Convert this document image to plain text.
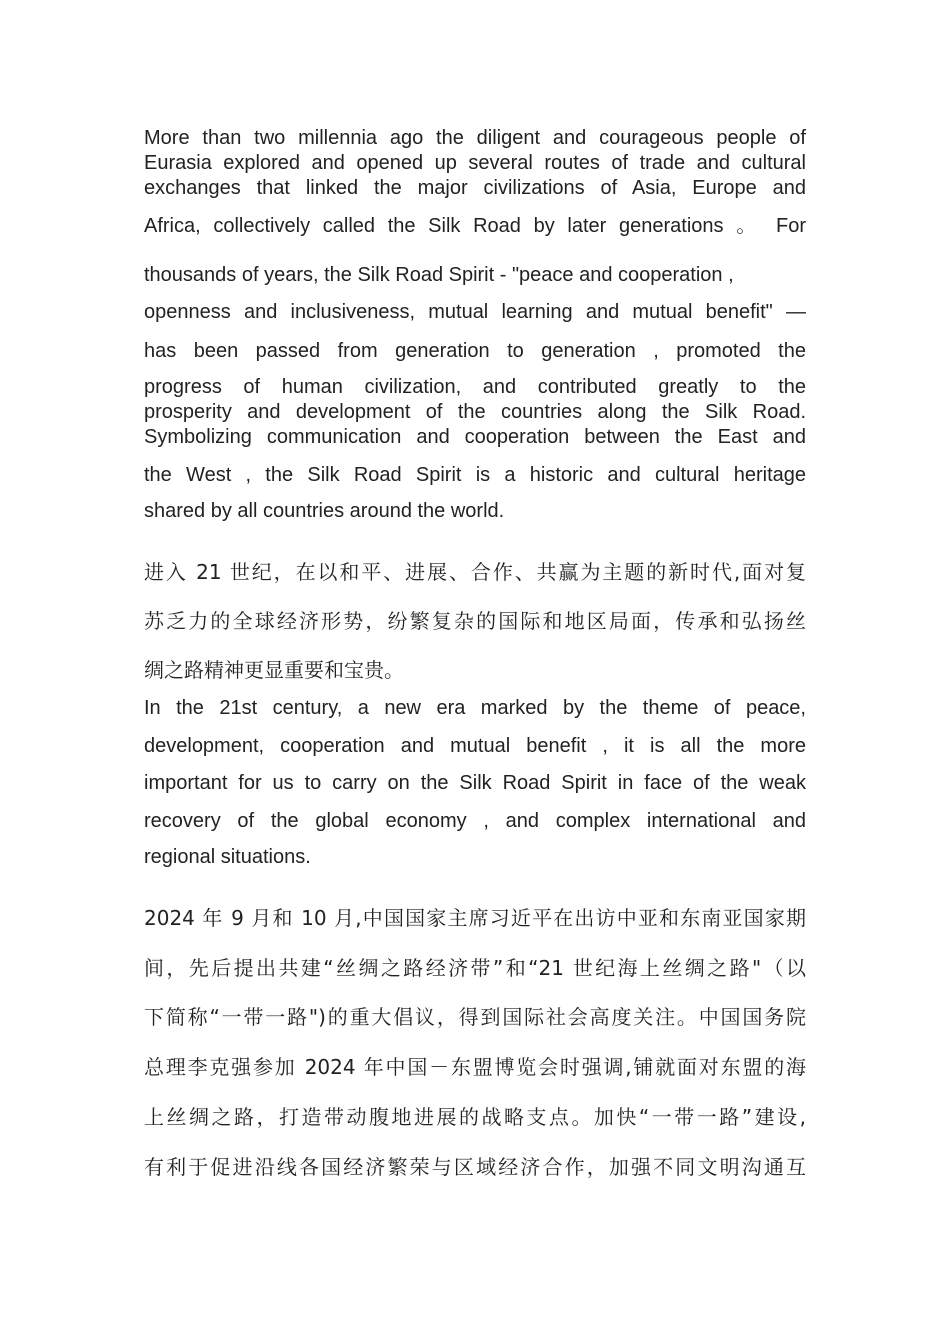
More than two millennia ago the diligent and courageous people of
Eurasia explored and opened up several routes of trade and cultural
exchanges that linked the major civilizations of Asia, Europe and
Africa, collectively called the Silk Road by later generations 。 For
thousands of years, the Silk Road Spirit - "peace and cooperation ,
openness and inclusiveness, mutual learning and mutual benefit" —
has been passed from generation to generation , promoted the
progress of human civilization, and contributed greatly to the
prosperity and development of the countries along the Silk Road.
Symbolizing communication and cooperation between the East and
the West , the Silk Road Spirit is a historic and cultural heritage
shared by all countries around the world.
进入 21 世纪，在以和平、进展、合作、共赢为主题的新时代,面对复
苏乏力的全球经济形势，纷繁复杂的国际和地区局面，传承和弘扬丝
绸之路精神更显重要和宝贵。
In the 21st century, a new era marked by the theme of peace,
development, cooperation and mutual benefit , it is all the more
important for us to carry on the Silk Road Spirit in face of the weak
recovery of the global economy , and complex international and
regional situations.
2024 年 9 月和 10 月,中国国家主席习近平在出访中亚和东南亚国家期
间，先后提出共建“丝绸之路经济带”和“21 世纪海上丝绸之路"（以
下简称“一带一路")的重大倡议，得到国际社会高度关注。中国国务院
总理李克强参加 2024 年中国－东盟博览会时强调,铺就面对东盟的海
上丝绸之路，打造带动腹地进展的战略支点。加快“一带一路”建设,
有利于促进沿线各国经济繁荣与区域经济合作，加强不同文明沟通互
